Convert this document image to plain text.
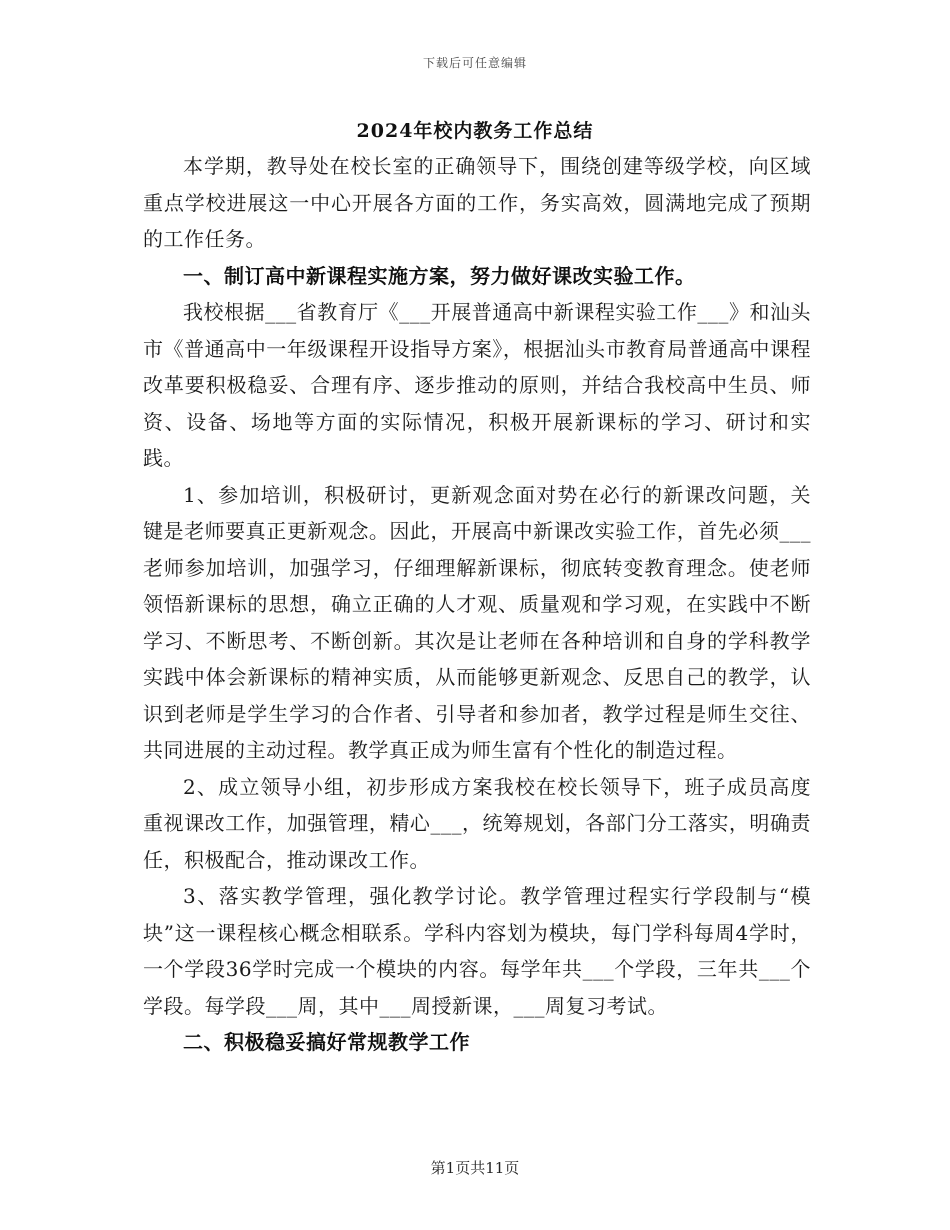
下载后可任意编辑
2024年校内教务工作总结

本学期，教导处在校长室的正确领导下，围绕创建等级学校，向区域重点学校进展这一中心开展各方面的工作，务实高效，圆满地完成了预期的工作任务。

一、制订高中新课程实施方案，努力做好课改实验工作。

我校根据___省教育厅《___开展普通高中新课程实验工作___》和汕头市《普通高中一年级课程开设指导方案》，根据汕头市教育局普通高中课程改革要积极稳妥、合理有序、逐步推动的原则，并结合我校高中生员、师资、设备、场地等方面的实际情况，积极开展新课标的学习、研讨和实践。

1、参加培训，积极研讨，更新观念面对势在必行的新课改问题，关键是老师要真正更新观念。因此，开展高中新课改实验工作，首先必须___老师参加培训，加强学习，仔细理解新课标，彻底转变教育理念。使老师领悟新课标的思想，确立正确的人才观、质量观和学习观，在实践中不断学习、不断思考、不断创新。其次是让老师在各种培训和自身的学科教学实践中体会新课标的精神实质，从而能够更新观念、反思自己的教学，认识到老师是学生学习的合作者、引导者和参加者，教学过程是师生交往、共同进展的主动过程。教学真正成为师生富有个性化的制造过程。

2、成立领导小组，初步形成方案我校在校长领导下，班子成员高度重视课改工作，加强管理，精心___，统筹规划，各部门分工落实，明确责任，积极配合，推动课改工作。

3、落实教学管理，强化教学讨论。教学管理过程实行学段制与“模块”这一课程核心概念相联系。学科内容划为模块，每门学科每周4学时，一个学段36学时完成一个模块的内容。每学年共___个学段，三年共___个学段。每学段___周，其中___周授新课，___周复习考试。

二、积极稳妥搞好常规教学工作

第1页共11页
